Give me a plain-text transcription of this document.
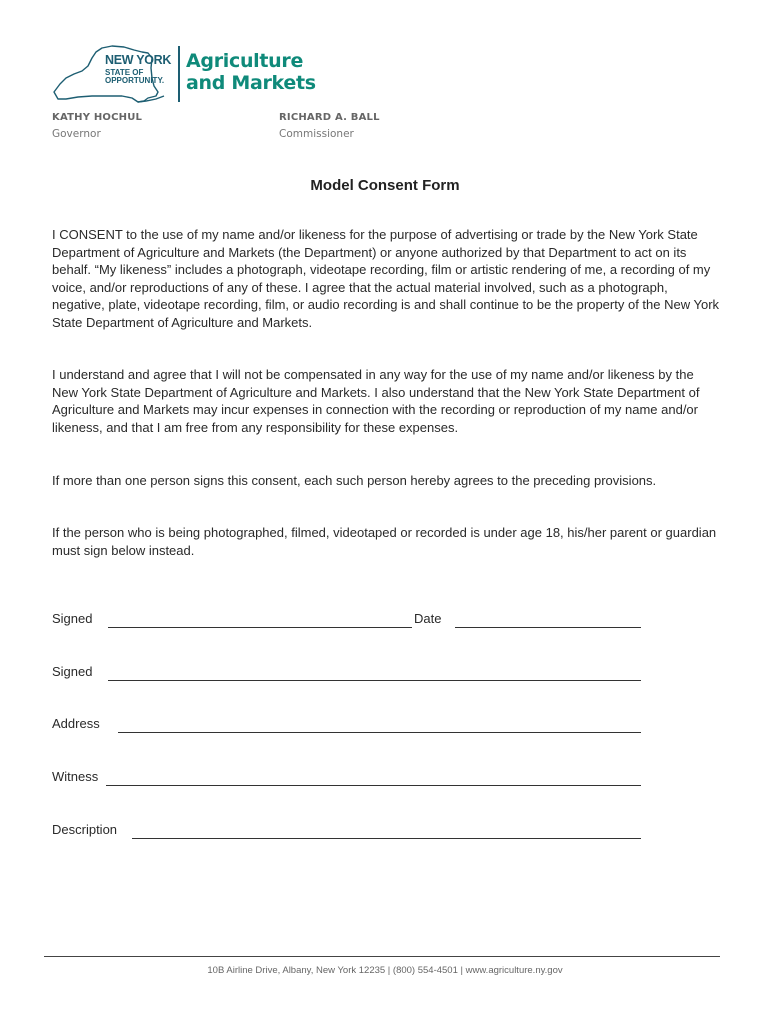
NEW YORK
STATE OF
OPPORTUNITY.
Agriculture
and Markets
KATHY HOCHUL
Governor
RICHARD A. BALL
Commissioner
Model Consent Form

I CONSENT to the use of my name and/or likeness for the purpose of advertising or trade by the New York State Department of Agriculture and Markets (the Department) or anyone authorized by that Department to act on its behalf. “My likeness” includes a photograph, videotape recording, film or artistic rendering of me, a recording of my voice, and/or reproductions of any of these. I agree that the actual material involved, such as a photograph, negative, plate, videotape recording, film, or audio recording is and shall continue to be the property of the New York State Department of Agriculture and Markets.

I understand and agree that I will not be compensated in any way for the use of my name and/or likeness by the New York State Department of Agriculture and Markets. I also understand that the New York State Department of Agriculture and Markets may incur expenses in connection with the recording or reproduction of my name and/or likeness, and that I am free from any responsibility for these expenses.

If more than one person signs this consent, each such person hereby agrees to the preceding provisions.

If the person who is being photographed, filmed, videotaped or recorded is under age 18, his/her parent or guardian must sign below instead.

Signed	Date
Signed
Address
Witness
Description
10B Airline Drive, Albany, New York 12235 | (800) 554-4501 | www.agriculture.ny.gov
